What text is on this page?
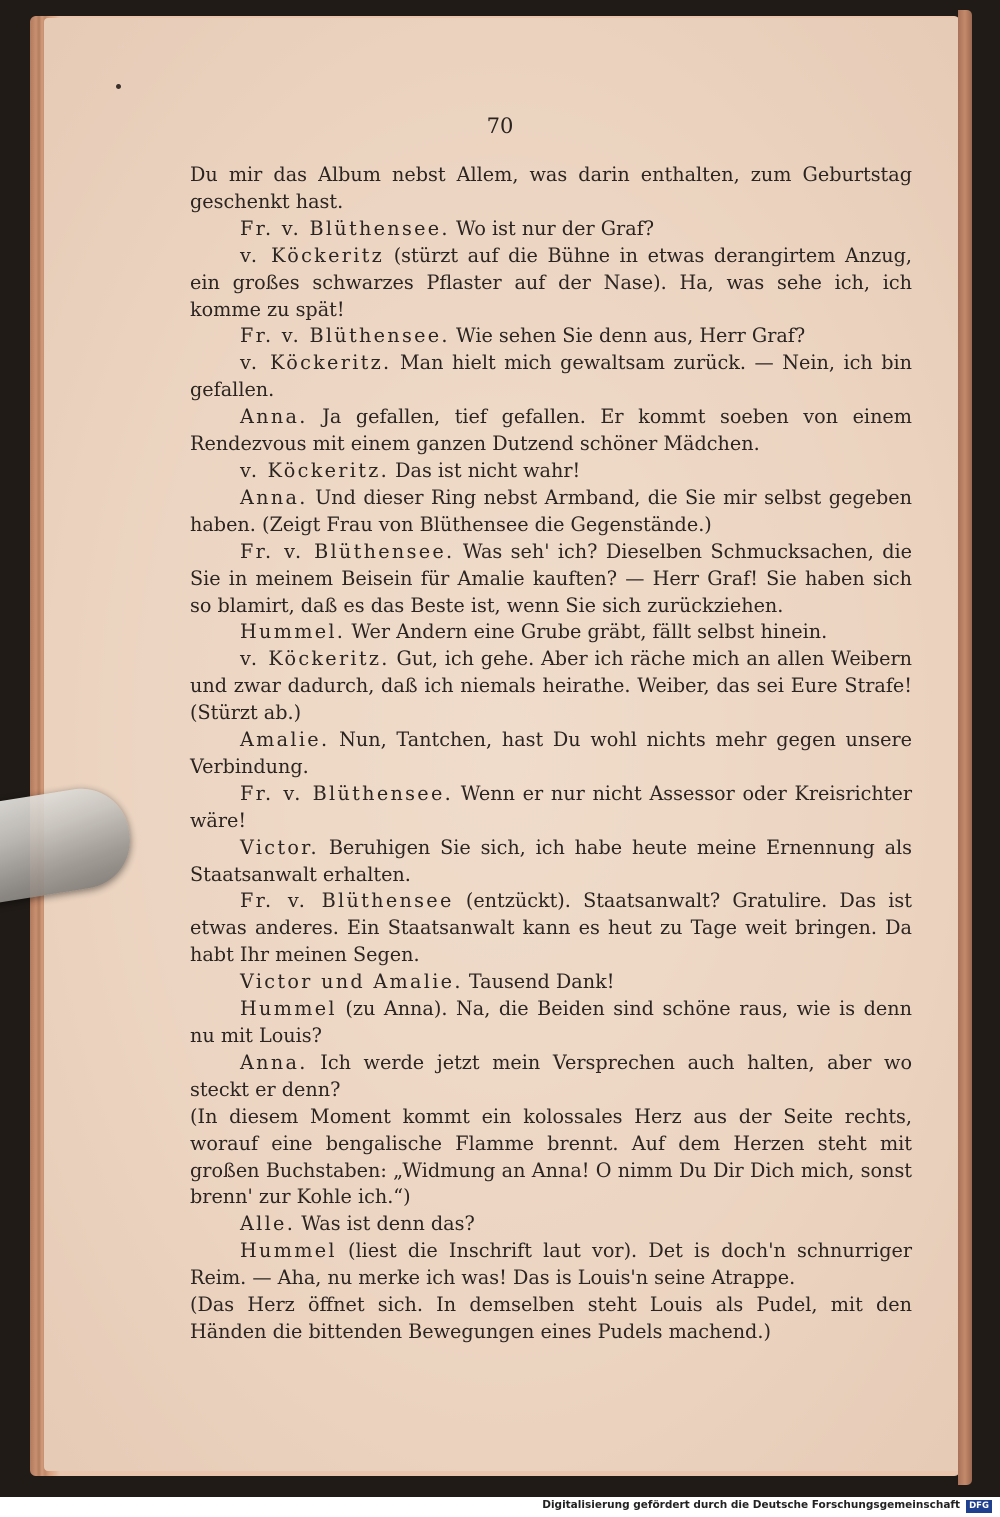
70

Du mir das Album nebst Allem, was darin enthalten, zum Geburtstag geschenkt hast.

Fr. v. Blüthensee. Wo ist nur der Graf?

v. Köckeritz (stürzt auf die Bühne in etwas derangirtem Anzug, ein großes schwarzes Pflaster auf der Nase). Ha, was sehe ich, ich komme zu spät!

Fr. v. Blüthensee. Wie sehen Sie denn aus, Herr Graf?

v. Köckeritz. Man hielt mich gewaltsam zurück. — Nein, ich bin gefallen.

Anna. Ja gefallen, tief gefallen. Er kommt soeben von einem Rendezvous mit einem ganzen Dutzend schöner Mädchen.

v. Köckeritz. Das ist nicht wahr!

Anna. Und dieser Ring nebst Armband, die Sie mir selbst gegeben haben. (Zeigt Frau von Blüthensee die Gegenstände.)

Fr. v. Blüthensee. Was seh' ich? Dieselben Schmucksachen, die Sie in meinem Beisein für Amalie kauften? — Herr Graf! Sie haben sich so blamirt, daß es das Beste ist, wenn Sie sich zurückziehen.

Hummel. Wer Andern eine Grube gräbt, fällt selbst hinein.

v. Köckeritz. Gut, ich gehe. Aber ich räche mich an allen Weibern und zwar dadurch, daß ich niemals heirathe. Weiber, das sei Eure Strafe! (Stürzt ab.)

Amalie. Nun, Tantchen, hast Du wohl nichts mehr gegen unsere Verbindung.

Fr. v. Blüthensee. Wenn er nur nicht Assessor oder Kreisrichter wäre!

Victor. Beruhigen Sie sich, ich habe heute meine Ernennung als Staatsanwalt erhalten.

Fr. v. Blüthensee (entzückt). Staatsanwalt? Gratulire. Das ist etwas anderes. Ein Staatsanwalt kann es heut zu Tage weit bringen. Da habt Ihr meinen Segen.

Victor und Amalie. Tausend Dank!

Hummel (zu Anna). Na, die Beiden sind schöne raus, wie is denn nu mit Louis?

Anna. Ich werde jetzt mein Versprechen auch halten, aber wo steckt er denn?

(In diesem Moment kommt ein kolossales Herz aus der Seite rechts, worauf eine bengalische Flamme brennt. Auf dem Herzen steht mit großen Buchstaben: „Widmung an Anna! O nimm Du Dir Dich mich, sonst brenn' zur Kohle ich.“)

Alle. Was ist denn das?

Hummel (liest die Inschrift laut vor). Det is doch'n schnurriger Reim. — Aha, nu merke ich was! Das is Louis'n seine Atrappe.

(Das Herz öffnet sich. In demselben steht Louis als Pudel, mit den Händen die bittenden Bewegungen eines Pudels machend.)

Digitalisierung gefördert durch die Deutsche Forschungsgemeinschaft	DFG
